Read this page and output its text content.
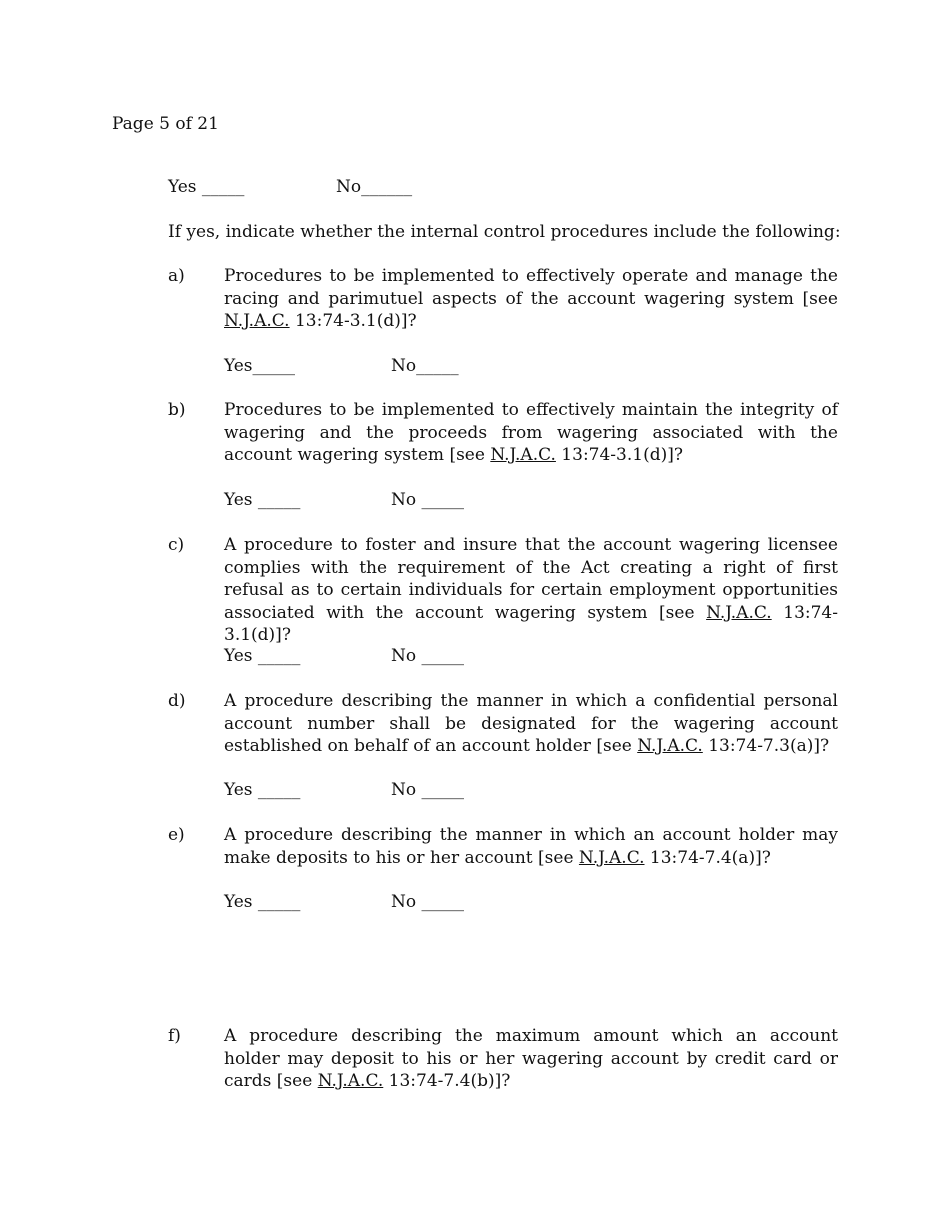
Page 5 of 21
Yes _____	No______
If yes, indicate whether the internal control procedures include the following:
a) Procedures to be implemented to effectively operate and manage the racing and parimutuel aspects of the account wagering system [see N.J.A.C. 13:74-3.1(d)]?
Yes_____	No_____
b) Procedures to be implemented to effectively maintain the integrity of wagering and the proceeds from wagering associated with the account wagering system [see N.J.A.C. 13:74-3.1(d)]?
Yes _____	No _____
c) A procedure to foster and insure that the account wagering licensee complies with the requirement of the Act creating a right of first refusal as to certain individuals for certain employment opportunities associated with the account wagering system [see N.J.A.C. 13:74-3.1(d)]?
Yes _____	No _____
d) A procedure describing the manner in which a confidential personal account number shall be designated for the wagering account established on behalf of an account holder [see N.J.A.C. 13:74-7.3(a)]?
Yes _____	No _____
e) A procedure describing the manner in which an account holder may make deposits to his or her account [see N.J.A.C. 13:74-7.4(a)]?
Yes _____	No _____
f)	A procedure describing the maximum amount which an account holder may deposit to his or her wagering account by credit card or cards [see N.J.A.C. 13:74-7.4(b)]?
